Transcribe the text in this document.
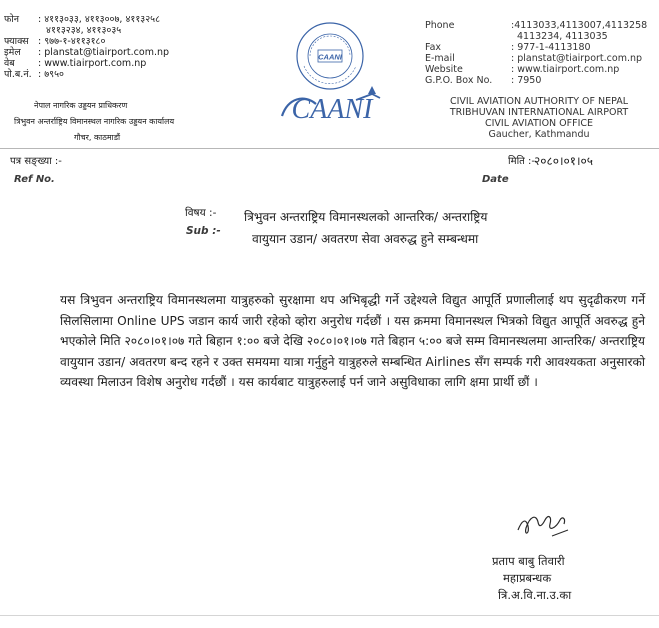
फोन : ४११३०३३, ४११३००७, ४११३२५८
४११३२३४, ४११३०३५
फ्याक्स : ९७७-१-४११३१८०
इमेल : planstat@tiairport.com.np
वेब : www.tiairport.com.np
पो.ब.नं. : ७९५०
नेपाल नागरिक उड्डयन प्राधिकरण
त्रिभुवन अन्तर्राष्ट्रिय विमानस्थल नागरिक उड्डयन कार्यालय
गौचर, काठमाडौं
CAANI
CAANI
Phone	:4113033,4113007,4113258
4113234, 4113035
Fax	: 977-1-4113180
E-mail	: planstat@tiairport.com.np
Website	: www.tiairport.com.np
G.P.O. Box No. : 7950
CIVIL AVIATION AUTHORITY OF NEPAL
TRIBHUVAN INTERNATIONAL AIRPORT
CIVIL AVIATION OFFICE
Gaucher, Kathmandu
पत्र सङ्ख्या :-
Ref No.
मिति :-
२०८०।०१।०५
Date
विषय :-
Sub :-
त्रिभुवन अन्तराष्ट्रिय विमानस्थलको आन्तरिक/ अन्तराष्ट्रिय
वायुयान उडान/ अवतरण सेवा अवरुद्ध हुने सम्बन्धमा
यस त्रिभुवन अन्तराष्ट्रिय विमानस्थलमा यात्रुहरुको सुरक्षामा थप अभिबृद्धी गर्ने उद्देश्यले विद्युत आपूर्ति प्रणालीलाई थप सुदृढीकरण गर्ने सिलसिलामा Online UPS जडान कार्य जारी रहेको व्होरा अनुरोध गर्दछौं । यस क्रममा विमानस्थल भित्रको विद्युत आपूर्ति अवरुद्ध हुने भएकोले मिति २०८०।०१।०७ गते बिहान १:०० बजे देखि २०८०।०१।०७ गते बिहान ५:०० बजे सम्म विमानस्थलमा आन्तरिक/ अन्तराष्ट्रिय वायुयान उडान/ अवतरण बन्द रहने र उक्त समयमा यात्रा गर्नुहुने यात्रुहरुले सम्बन्धित Airlines सँग सम्पर्क गरी आवश्यकता अनुसारको व्यवस्था मिलाउन विशेष अनुरोध गर्दछौं । यस कार्यबाट यात्रुहरुलाई पर्न जाने असुविधाका लागि क्षमा प्रार्थी छौं ।
प्रताप बाबु तिवारी
महाप्रबन्धक
त्रि.अ.वि.ना.उ.का
